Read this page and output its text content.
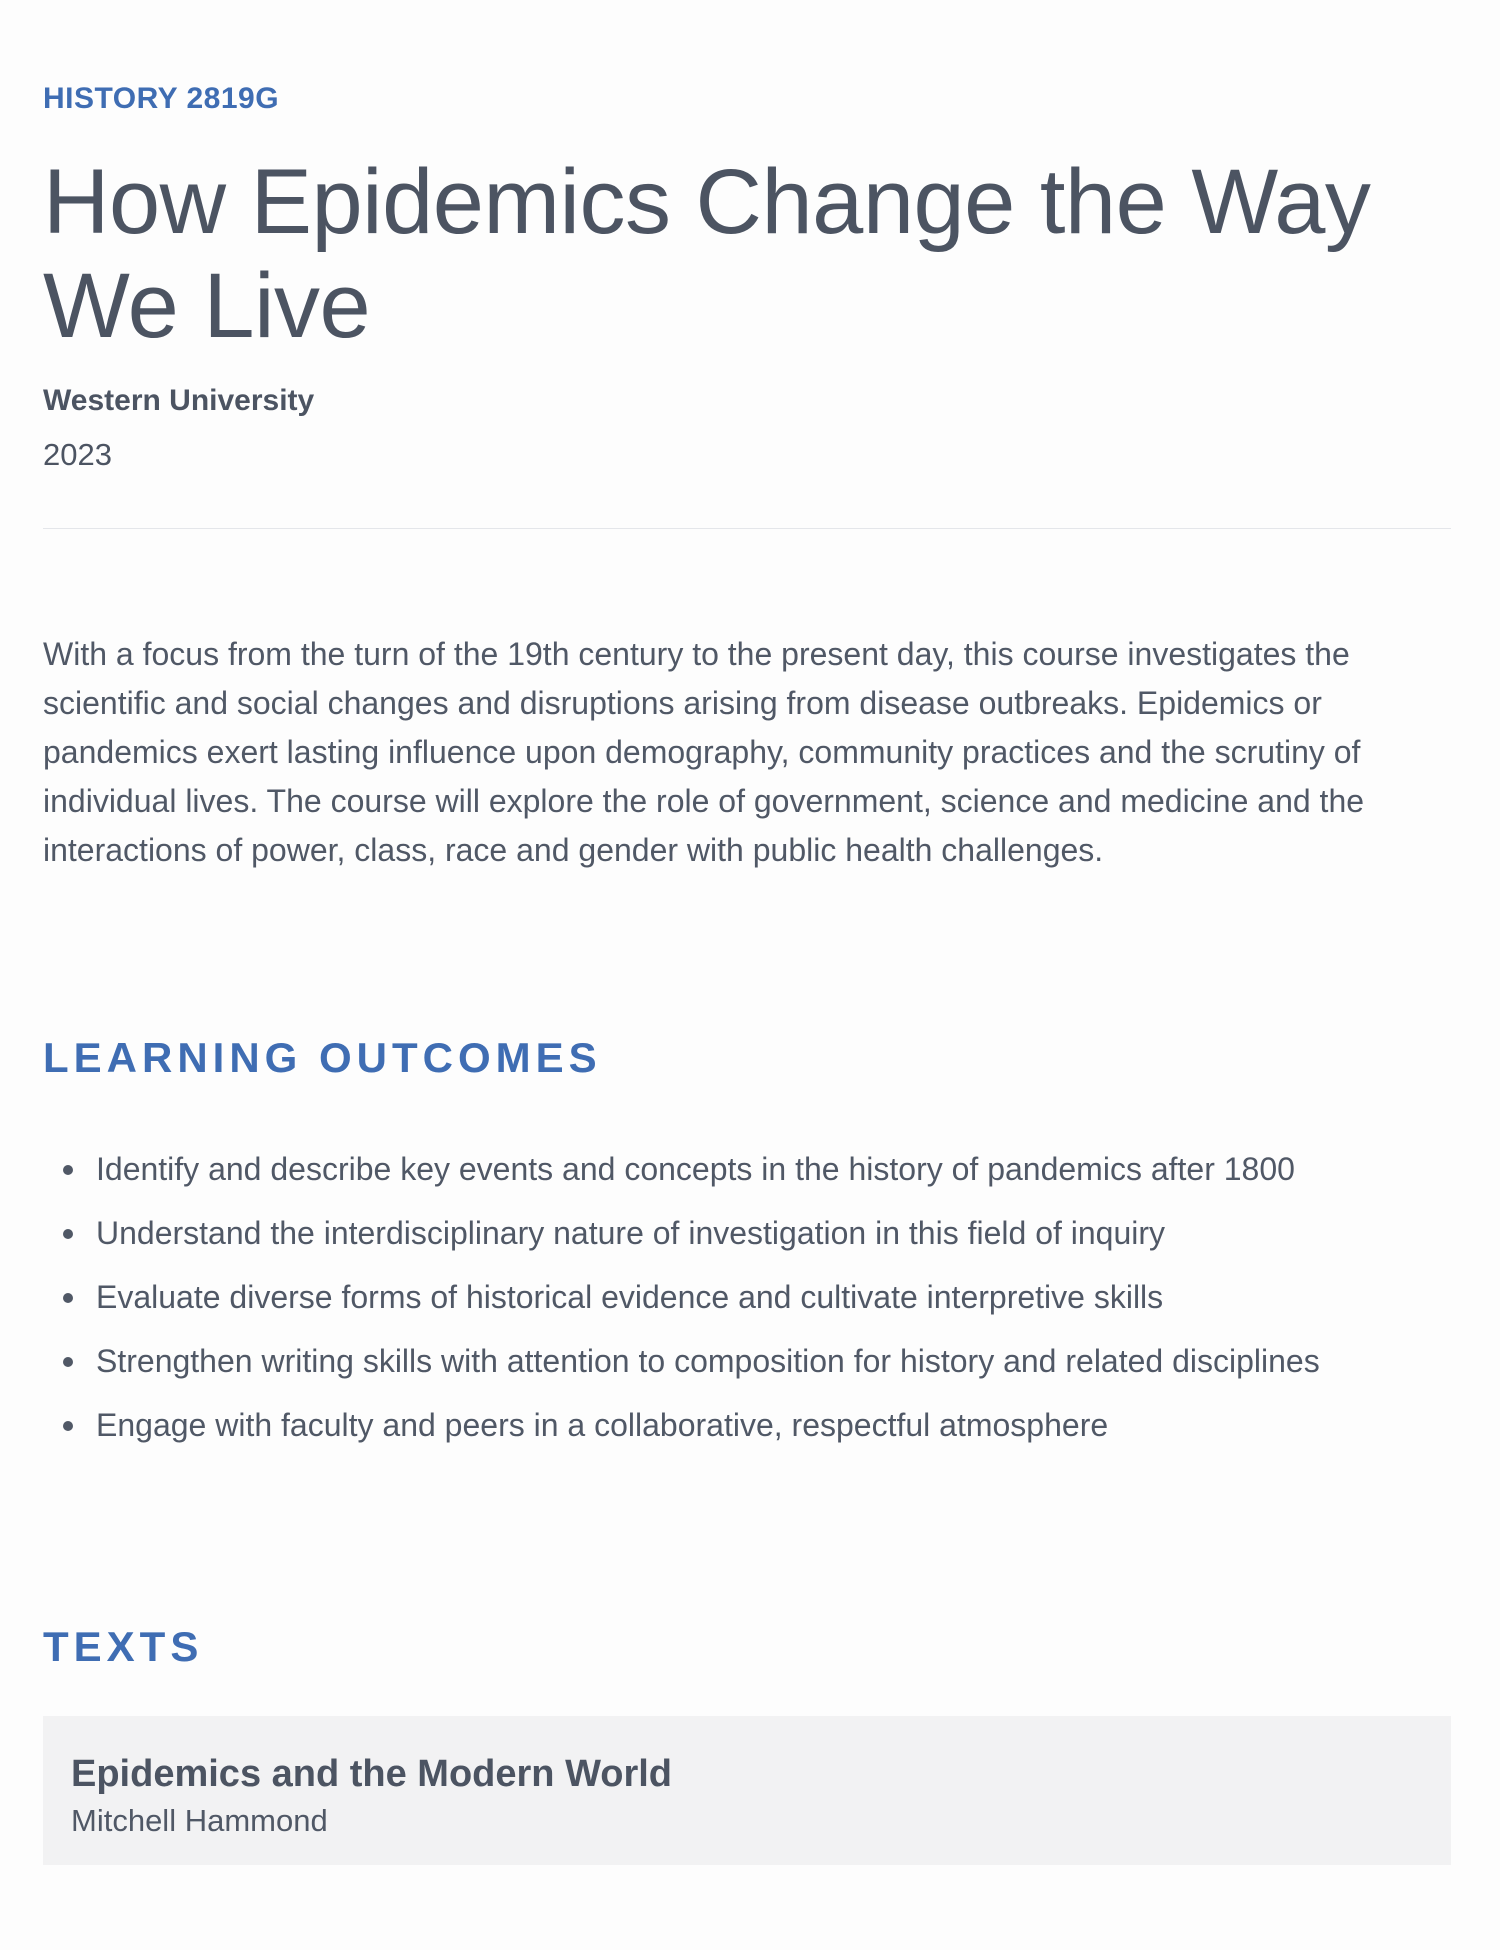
HISTORY 2819G
How Epidemics Change the Way We Live
Western University
2023

With a focus from the turn of the 19th century to the present day, this course investigates the scientific and social changes and disruptions arising from disease outbreaks. Epidemics or pandemics exert lasting influence upon demography, community practices and the scrutiny of individual lives. The course will explore the role of government, science and medicine and the interactions of power, class, race and gender with public health challenges.

LEARNING OUTCOMES
Identify and describe key events and concepts in the history of pandemics after 1800
Understand the interdisciplinary nature of investigation in this field of inquiry
Evaluate diverse forms of historical evidence and cultivate interpretive skills
Strengthen writing skills with attention to composition for history and related disciplines
Engage with faculty and peers in a collaborative, respectful atmosphere
TEXTS
Epidemics and the Modern World
Mitchell Hammond
